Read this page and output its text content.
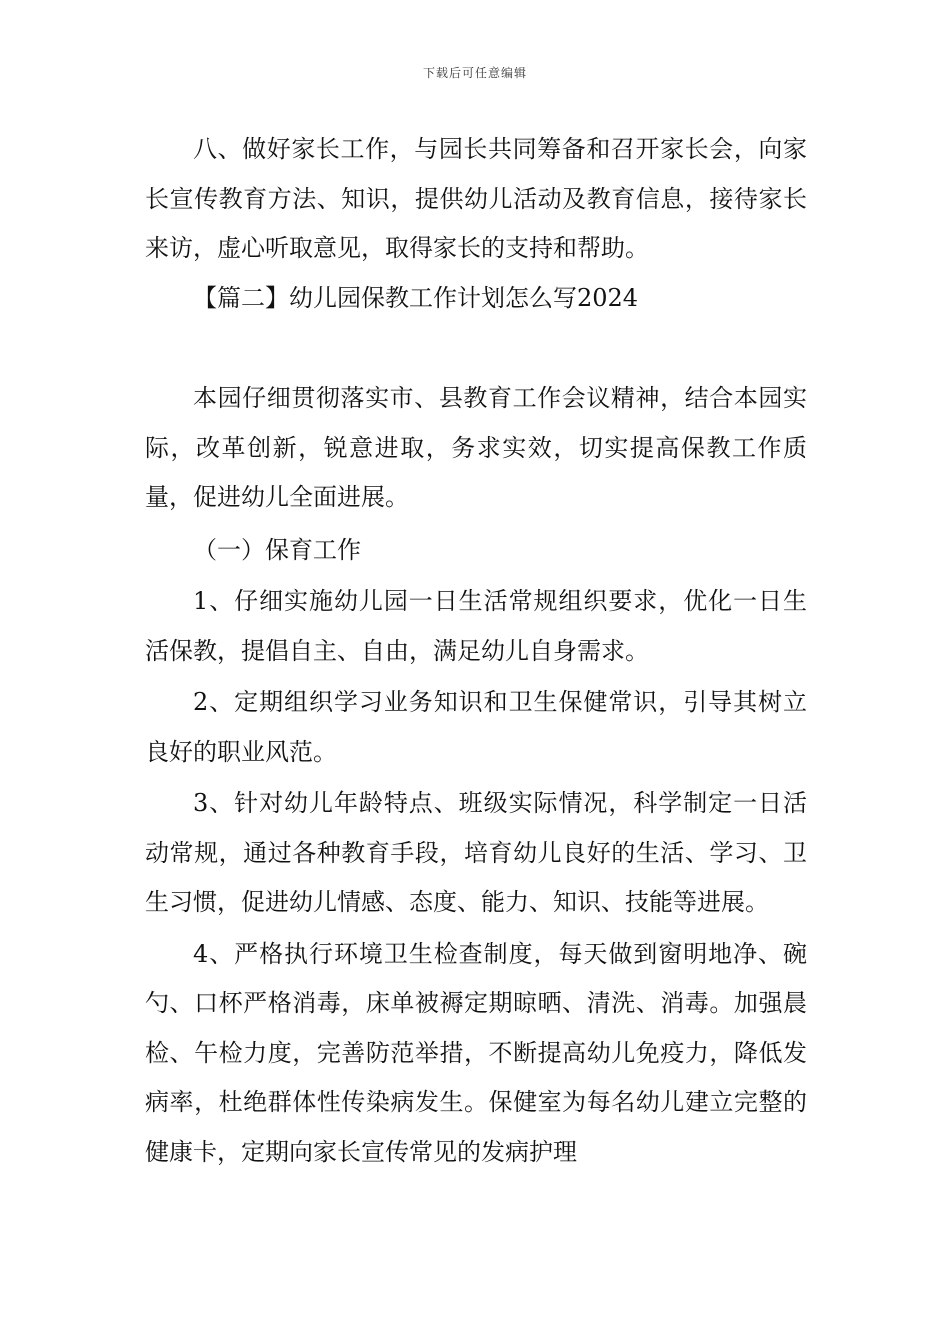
下载后可任意编辑

八、做好家长工作，与园长共同筹备和召开家长会，向家长宣传教育方法、知识，提供幼儿活动及教育信息，接待家长来访，虚心听取意见，取得家长的支持和帮助。

【篇二】幼儿园保教工作计划怎么写2024

本园仔细贯彻落实市、县教育工作会议精神，结合本园实际，改革创新，锐意进取，务求实效，切实提高保教工作质量，促进幼儿全面进展。

（一）保育工作

1、仔细实施幼儿园一日生活常规组织要求，优化一日生活保教，提倡自主、自由，满足幼儿自身需求。

2、定期组织学习业务知识和卫生保健常识，引导其树立良好的职业风范。

3、针对幼儿年龄特点、班级实际情况，科学制定一日活动常规，通过各种教育手段，培育幼儿良好的生活、学习、卫生习惯，促进幼儿情感、态度、能力、知识、技能等进展。

4、严格执行环境卫生检查制度，每天做到窗明地净、碗勺、口杯严格消毒，床单被褥定期晾晒、清洗、消毒。加强晨检、午检力度，完善防范举措，不断提高幼儿免疫力，降低发病率，杜绝群体性传染病发生。保健室为每名幼儿建立完整的健康卡，定期向家长宣传常见的发病护理
